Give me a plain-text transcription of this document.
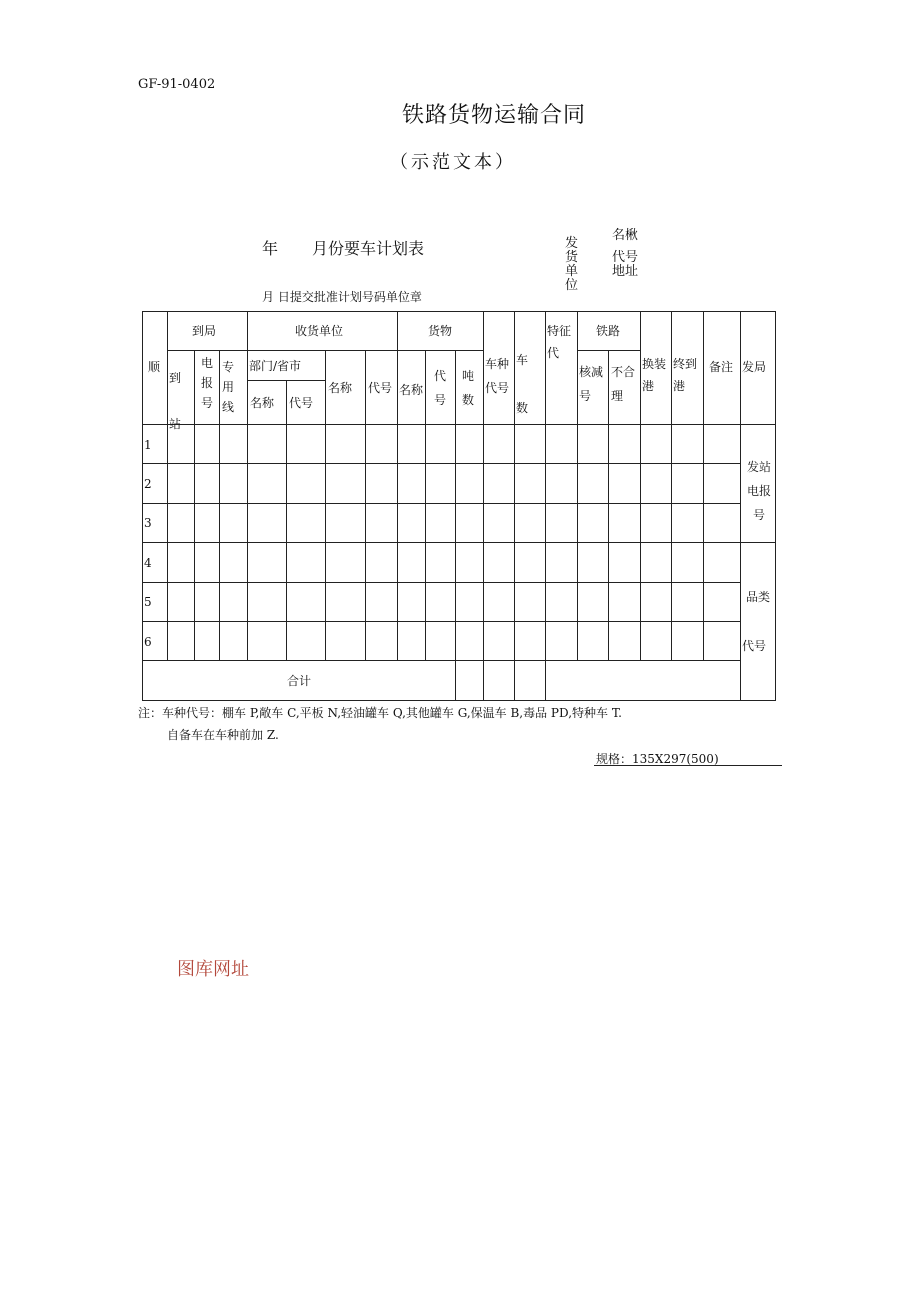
GF-91-0402
铁路货物运输合同
（示范文本）
年 月份要车计划表	发货单位
名楸
代号
地址
月 日提交批准计划号码单位章
顺
到局
到站
电报号
专用线
收货单位
部门/省市
名称 代号
名称 代号
货物
名称
代号
吨数
车种代号
车数
特征代
铁路
核减号
不合理
换装港
终到港
备注 发局
1
2
3
4
5
6
合计
发站电报号
品类
代号
注：车种代号：棚车 P,敞车 C,平板 N,轻油罐车 Q,其他罐车 G,保温车 B,毒品 PD,特种车 T.
自备车在车种前加 Z.
规格：135X297(500)
图库网址
